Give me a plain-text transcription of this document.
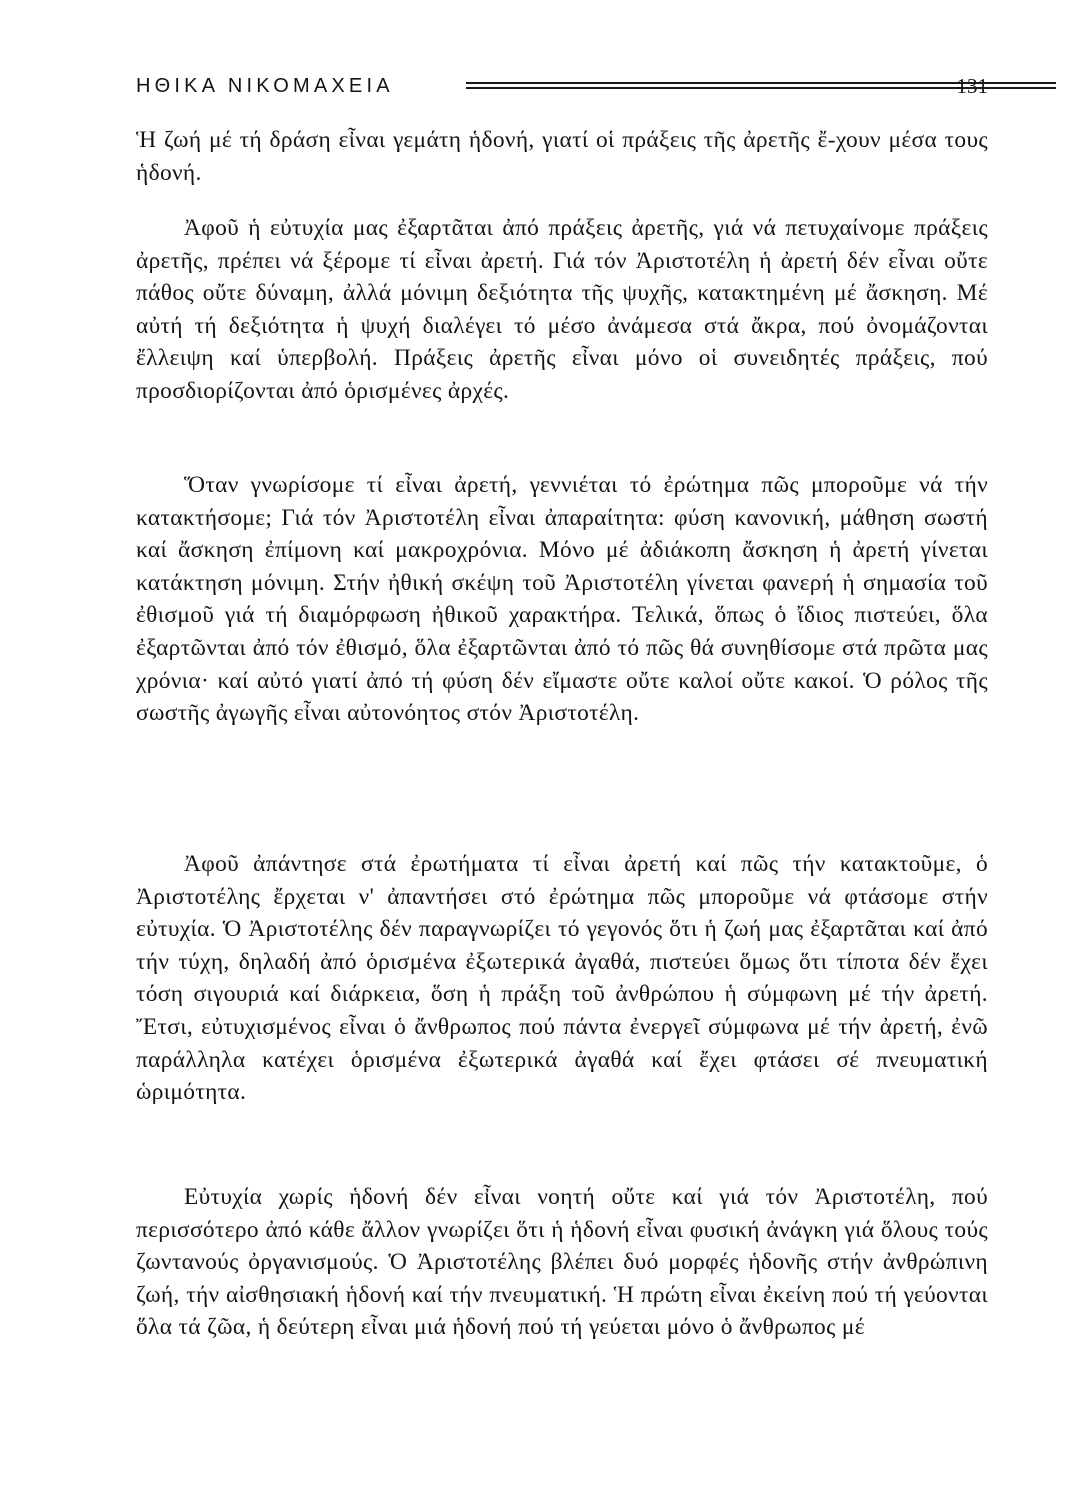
ΗΘΙΚΑ ΝΙΚΟΜΑΧΕΙΑ	131

Ἡ ζωή μέ τή δράση εἶναι γεμάτη ἡδονή, γιατί οἱ πράξεις τῆς ἀρετῆς ἔ-χουν μέσα τους ἡδονή.

Ἀφοῦ ἡ εὐτυχία μας ἐξαρτᾶται ἀπό πράξεις ἀρετῆς, γιά νά πετυχαίνομε πράξεις ἀρετῆς, πρέπει νά ξέρομε τί εἶναι ἀρετή. Γιά τόν Ἀριστοτέλη ἡ ἀρετή δέν εἶναι οὔτε πάθος οὔτε δύναμη, ἀλλά μόνιμη δεξιότητα τῆς ψυχῆς, κατακτημένη μέ ἄσκηση. Μέ αὐτή τή δεξιότητα ἡ ψυχή διαλέγει τό μέσο ἀνάμεσα στά ἄκρα, πού ὀνομάζονται ἔλλειψη καί ὑπερβολή. Πράξεις ἀρετῆς εἶναι μόνο οἱ συνειδητές πράξεις, πού προσδιορίζονται ἀπό ὁρισμένες ἀρχές.

Ὅταν γνωρίσομε τί εἶναι ἀρετή, γεννιέται τό ἐρώτημα πῶς μποροῦμε νά τήν κατακτήσομε; Γιά τόν Ἀριστοτέλη εἶναι ἀπαραίτητα: φύση κανονική, μάθηση σωστή καί ἄσκηση ἐπίμονη καί μακροχρόνια. Μόνο μέ ἀδιάκοπη ἄσκηση ἡ ἀρετή γίνεται κατάκτηση μόνιμη. Στήν ἠθική σκέψη τοῦ Ἀριστοτέλη γίνεται φανερή ἡ σημασία τοῦ ἐθισμοῦ γιά τή διαμόρφωση ἠθικοῦ χαρακτήρα. Τελικά, ὅπως ὁ ἴδιος πιστεύει, ὅλα ἐξαρτῶνται ἀπό τόν ἐθισμό, ὅλα ἐξαρτῶνται ἀπό τό πῶς θά συνηθίσομε στά πρῶτα μας χρόνια· καί αὐτό γιατί ἀπό τή φύση δέν εἴμαστε οὔτε καλοί οὔτε κακοί. Ὁ ρόλος τῆς σωστῆς ἀγωγῆς εἶναι αὐτονόητος στόν Ἀριστοτέλη.

Ἀφοῦ ἀπάντησε στά ἐρωτήματα τί εἶναι ἀρετή καί πῶς τήν κατακτοῦμε, ὁ Ἀριστοτέλης ἔρχεται ν' ἀπαντήσει στό ἐρώτημα πῶς μποροῦμε νά φτάσομε στήν εὐτυχία. Ὁ Ἀριστοτέλης δέν παραγνωρίζει τό γεγονός ὅτι ἡ ζωή μας ἐξαρτᾶται καί ἀπό τήν τύχη, δηλαδή ἀπό ὁρισμένα ἐξωτερικά ἀγαθά, πιστεύει ὅμως ὅτι τίποτα δέν ἔχει τόση σιγουριά καί διάρκεια, ὅση ἡ πράξη τοῦ ἀνθρώπου ἡ σύμφωνη μέ τήν ἀρετή. Ἔτσι, εὐτυχισμένος εἶναι ὁ ἄνθρωπος πού πάντα ἐνεργεῖ σύμφωνα μέ τήν ἀρετή, ἐνῶ παράλληλα κατέχει ὁρισμένα ἐξωτερικά ἀγαθά καί ἔχει φτάσει σέ πνευματική ὡριμότητα.

Εὐτυχία χωρίς ἡδονή δέν εἶναι νοητή οὔτε καί γιά τόν Ἀριστοτέλη, πού περισσότερο ἀπό κάθε ἄλλον γνωρίζει ὅτι ἡ ἡδονή εἶναι φυσική ἀνάγκη γιά ὅλους τούς ζωντανούς ὀργανισμούς. Ὁ Ἀριστοτέλης βλέπει δυό μορφές ἡδονῆς στήν ἀνθρώπινη ζωή, τήν αἰσθησιακή ἡδονή καί τήν πνευματική. Ἡ πρώτη εἶναι ἐκείνη πού τή γεύονται ὅλα τά ζῶα, ἡ δεύτερη εἶναι μιά ἡδονή πού τή γεύεται μόνο ὁ ἄνθρωπος μέ
